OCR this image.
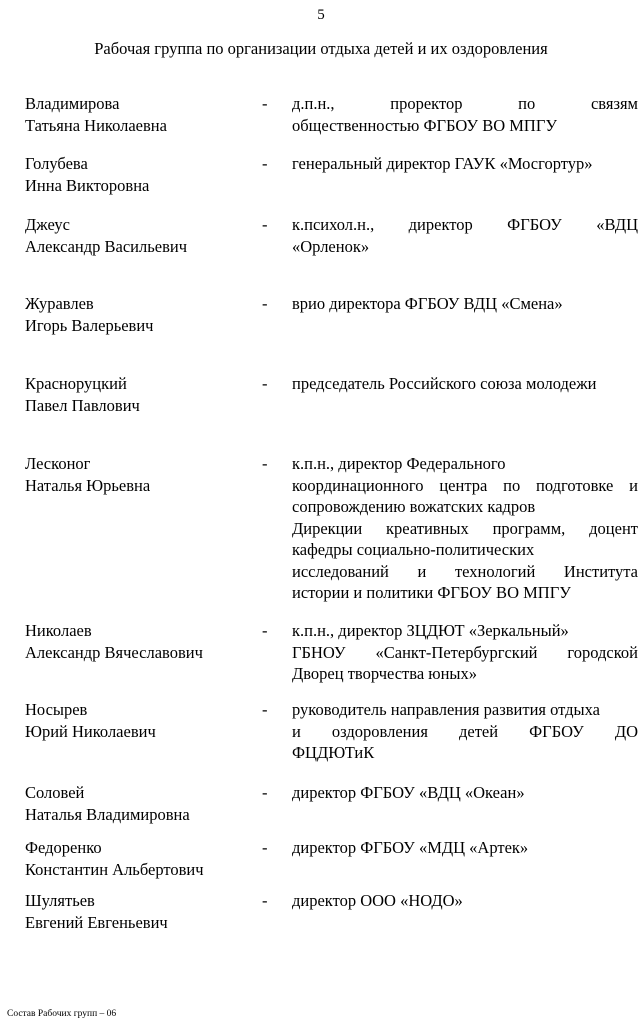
5
Рабочая группа по организации отдыха детей и их оздоровления
Владимирова
Татьяна Николаевна
- д.п.н., проректор по связям
общественностью ФГБОУ ВО МПГУ
Голубева
Инна Викторовна
- генеральный директор ГАУК «Мосгортур»
Джеус
Александр Васильевич
- к.психол.н., директор ФГБОУ «ВДЦ
«Орленок»
Журавлев
Игорь Валерьевич
- врио директора ФГБОУ ВДЦ «Смена»
Красноруцкий
Павел Павлович
- председатель Российского союза молодежи
Лесконог
Наталья Юрьевна
- к.п.н., директор Федерального
координационного центра по подготовке и
сопровождению вожатских кадров
Дирекции креативных программ, доцент
кафедры социально-политических
исследований и технологий Института
истории и политики ФГБОУ ВО МПГУ
Николаев
Александр Вячеславович
- к.п.н., директор ЗЦДЮТ «Зеркальный»
ГБНОУ «Санкт-Петербургский городской
Дворец творчества юных»
Носырев
Юрий Николаевич
- руководитель направления развития отдыха
и оздоровления детей ФГБОУ ДО
ФЦДЮТиК
Соловей
Наталья Владимировна
- директор ФГБОУ «ВДЦ «Океан»
Федоренко
Константин Альбертович
- директор ФГБОУ «МДЦ «Артек»
Шулятьев
Евгений Евгеньевич
- директор ООО «НОДО»
Состав Рабочих групп – 06
